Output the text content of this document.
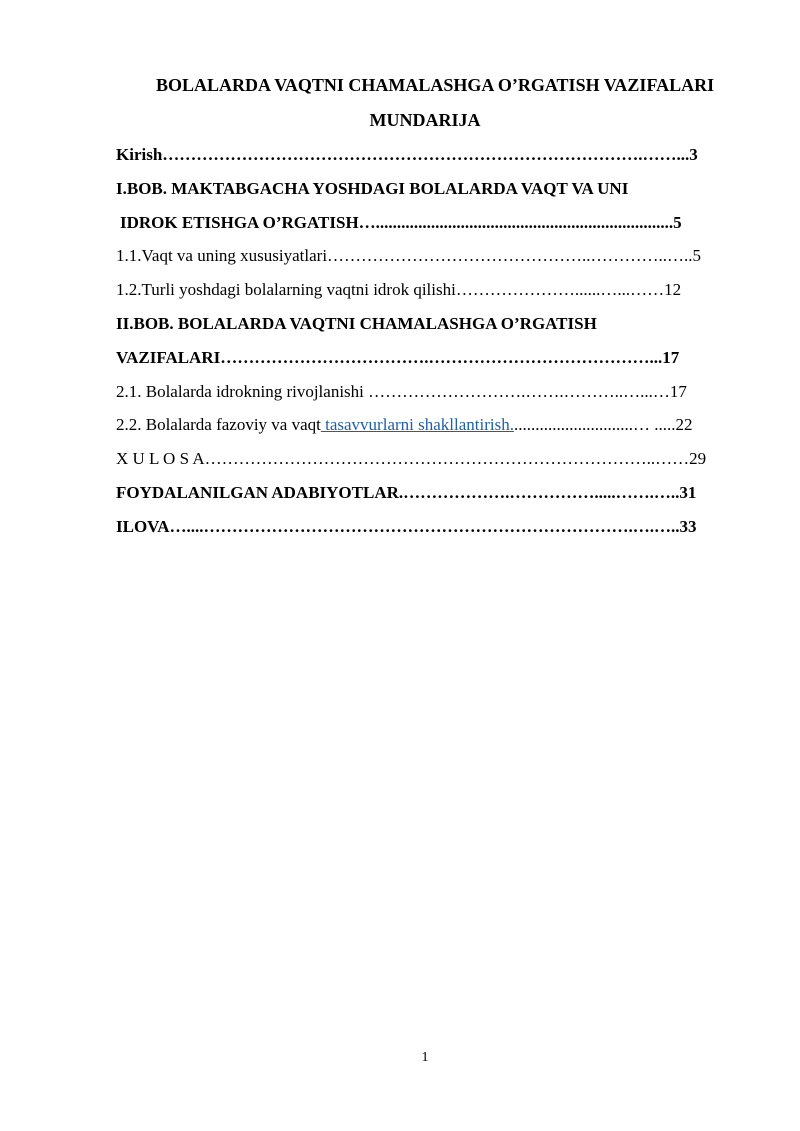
BOLALARDA VAQTNI CHAMALASHGA O’RGATISH VAZIFALARI
MUNDARIJA
Kirish………………………………………………………………………….……...3
I.BOB. MAKTABGACHA YOSHDAGI BOLALARDA VAQT VA UNI
IDROK ETISHGA O’RGATISH…......................................................................5
1.1.Vaqt va uning xususiyatlari………………………………………..…………..…..5
1.2.Turli yoshdagi bolalarning vaqtni idrok qilishi…………………......…...……12
II.BOB. BOLALARDA VAQTNI CHAMALASHGA O’RGATISH
VAZIFALARI……………………………….…………………………………...17
2.1. Bolalarda idrokning rivojlanishi ……………………….…….………..…...…17
2.2. Bolalarda fazoviy va vaqt tasavvurlarni shakllantirish.............................… .....22
X U L O S A……………………………………………………………………..……29
FOYDALANILGAN ADABIYOTLAR.……………….…………….....…….…..31
ILOVA…....………………………………………………………………….….…..33
1
